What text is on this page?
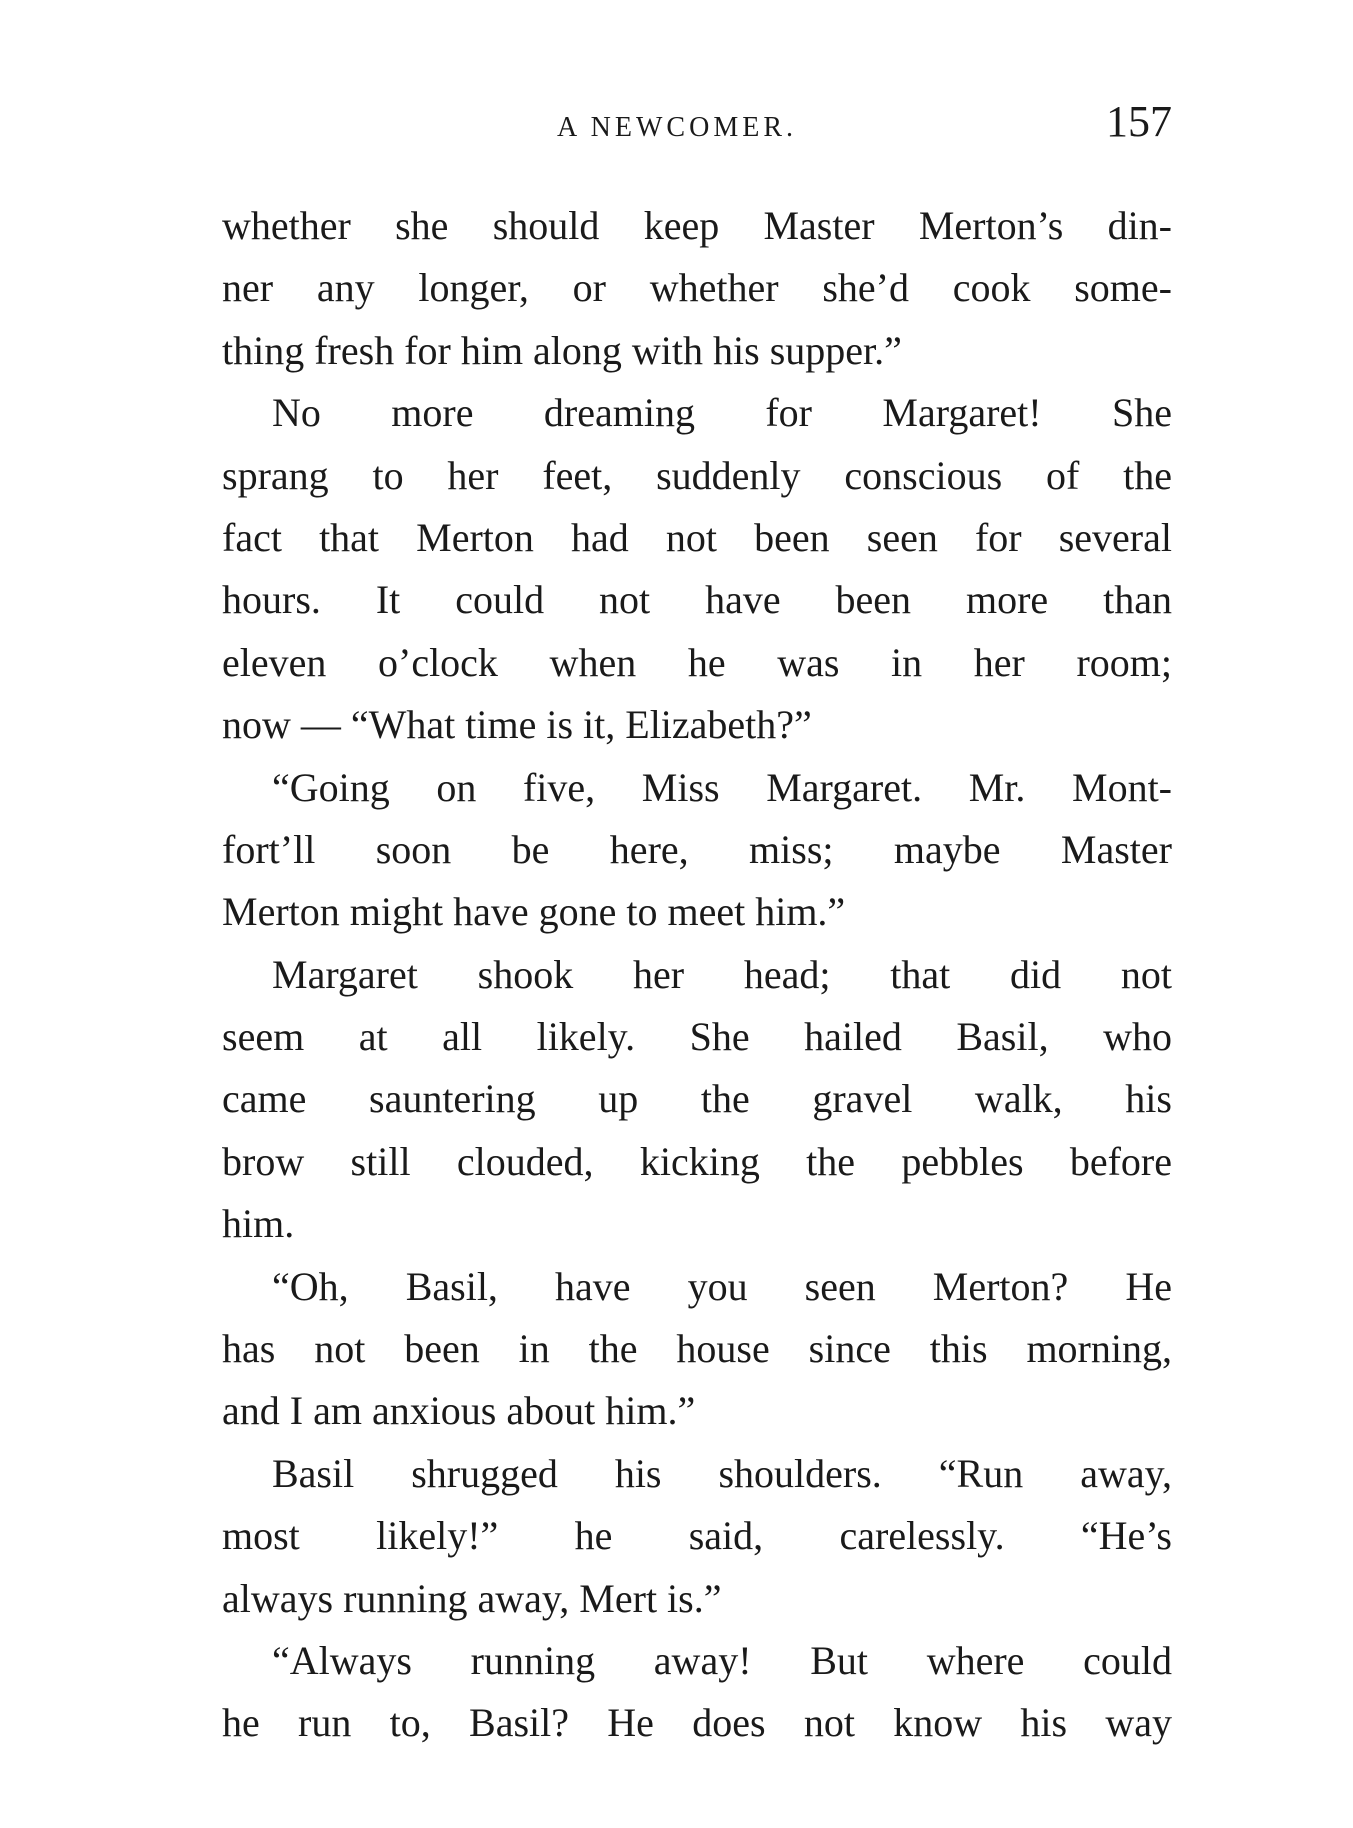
A NEWCOMER.	157
whether she should keep Master Merton’s din-
ner any longer, or whether she’d cook some-
thing fresh for him along with his supper.”
No more dreaming for Margaret! She
sprang to her feet, suddenly conscious of the
fact that Merton had not been seen for several
hours. It could not have been more than
eleven o’clock when he was in her room;
now — “What time is it, Elizabeth?”
“Going on five, Miss Margaret. Mr. Mont-
fort’ll soon be here, miss; maybe Master
Merton might have gone to meet him.”
Margaret shook her head; that did not
seem at all likely. She hailed Basil, who
came sauntering up the gravel walk, his
brow still clouded, kicking the pebbles before
him.
“Oh, Basil, have you seen Merton? He
has not been in the house since this morning,
and I am anxious about him.”
Basil shrugged his shoulders. “Run away,
most likely!” he said, carelessly. “He’s
always running away, Mert is.”
“Always running away! But where could
he run to, Basil? He does not know his way
